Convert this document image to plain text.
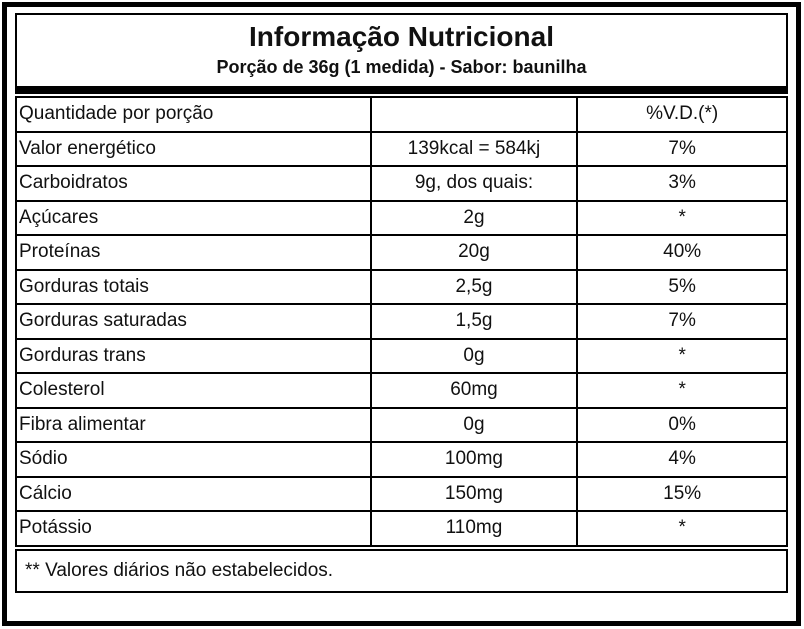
Informação Nutricional
Porção de 36g (1 medida) - Sabor: baunilha
Quantidade por porção		%V.D.(*)
Valor energético	139kcal = 584kj	7%
Carboidratos	9g, dos quais:	3%
Açúcares	2g	*
Proteínas	20g	40%
Gorduras totais	2,5g	5%
Gorduras saturadas	1,5g	7%
Gorduras trans	0g	*
Colesterol	60mg	*
Fibra alimentar	0g	0%
Sódio	100mg	4%
Cálcio	150mg	15%
Potássio	110mg	*
** Valores diários não estabelecidos.
